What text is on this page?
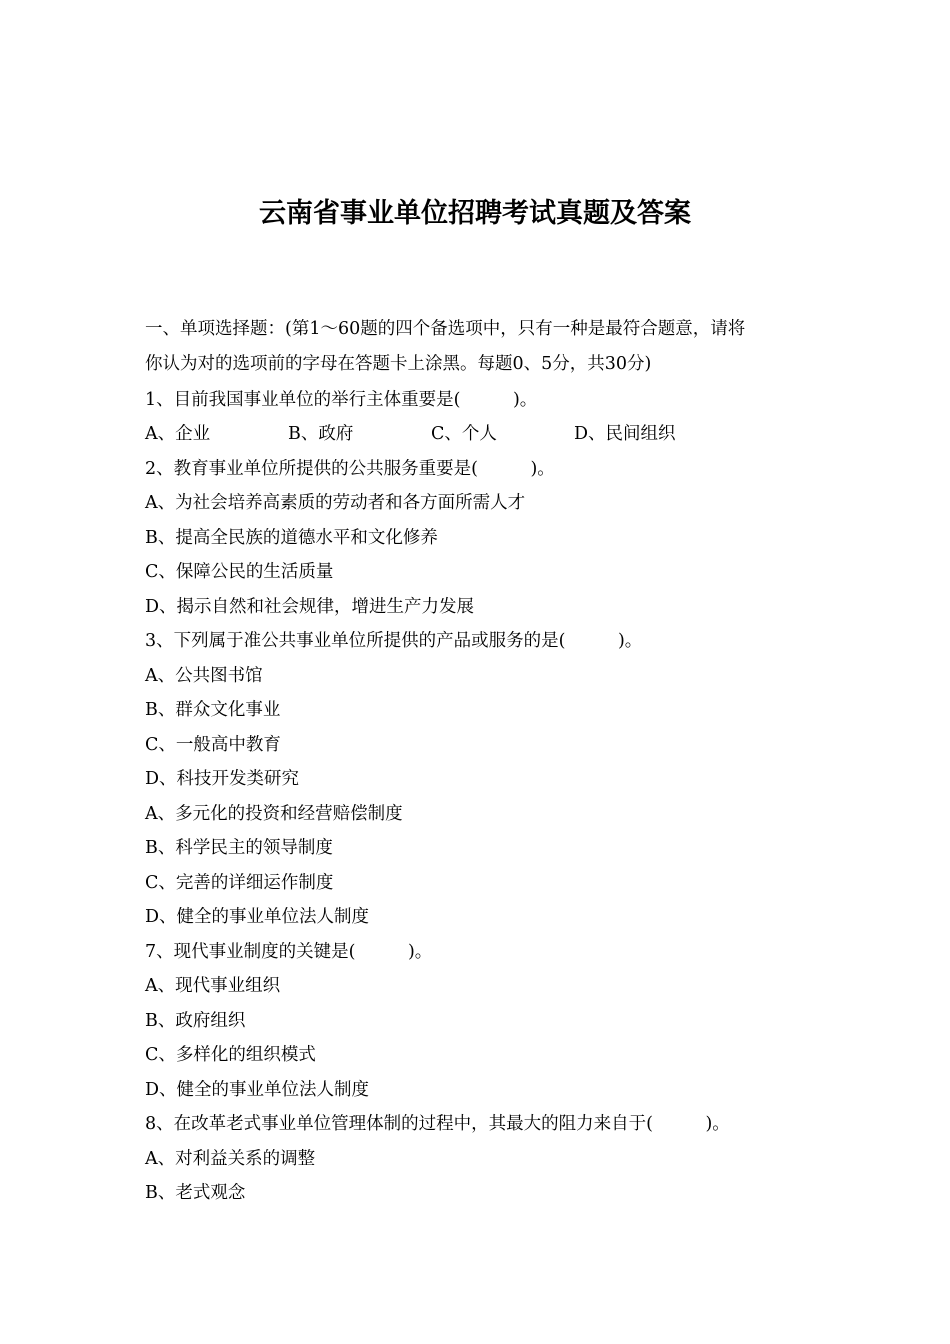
云南省事业单位招聘考试真题及答案

一、单项选择题：(第1～60题的四个备选项中，只有一种是最符合题意，请将

你认为对的选项前的字母在答题卡上涂黑。每题0、5分，共30分)

1、目前我国事业单位的举行主体重要是(　　　)。

A、企业	B、政府	C、个人	D、民间组织

2、教育事业单位所提供的公共服务重要是(　　　)。

A、为社会培养高素质的劳动者和各方面所需人才

B、提高全民族的道德水平和文化修养

C、保障公民的生活质量

D、揭示自然和社会规律，增进生产力发展

3、下列属于准公共事业单位所提供的产品或服务的是(　　　)。

A、公共图书馆

B、群众文化事业

C、一般高中教育

D、科技开发类研究

A、多元化的投资和经营赔偿制度

B、科学民主的领导制度

C、完善的详细运作制度

D、健全的事业单位法人制度

7、现代事业制度的关键是(　　　)。

A、现代事业组织

B、政府组织

C、多样化的组织模式

D、健全的事业单位法人制度

8、在改革老式事业单位管理体制的过程中，其最大的阻力来自于(　　　)。

A、对利益关系的调整

B、老式观念
